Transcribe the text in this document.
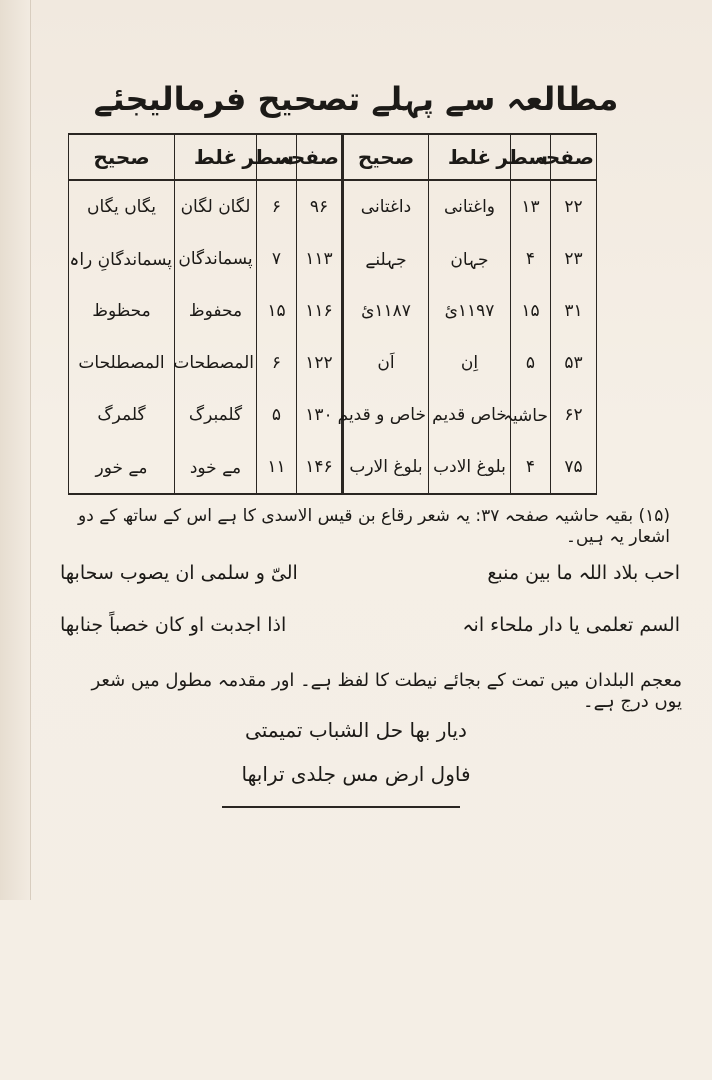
مطالعہ سے پہلے تصحیح فرمالیجئے
صفحہ	سطر	غلط	صحیح	صفحہ	سطر	غلط	صحیح
۲۲	۱۳	واغتانی	داغتانی	۹۶	۶	لگان لگان	یگاں یگاں
۲۳	۴	جہان	جہلنے	۱۱۳	۷	پسماندگان	پسماندگانِ راہ
۳۱	۱۵	۱۱۹۷ئ	۱۱۸۷ئ	۱۱۶	۱۵	محفوظ	محظوظ
۵۳	۵	اِن	اَن	۱۲۲	۶	المصطحات	المصطلحات
۶۲	حاشیہ	خاص قدیم	خاص و قدیم	۱۳۰	۵	گلمبرگ	گلمرگ
۷۵	۴	بلوغ الادب	بلوغ الارب	۱۴۶	۱۱	مے خود	مے خور
(۱۵) بقیہ حاشیہ صفحہ ۳۷: یہ شعر رقاع بن قیس الاسدی کا ہے اس کے ساتھ کے دو اشعار یہ ہیں۔
احب بلاد اللہ ما بین منبع
الیّ و سلمی ان یصوب سحابھا
السم تعلمی یا دار ملحاء انہ
اذا اجدبت او کان خصباً جنابھا
معجم البلدان میں تمت کے بجائے نیطت کا لفظ ہے۔ اور مقدمہ مطول میں شعر یوں درج ہے۔
دیار بھا حل الشباب تمیمتی
فاول ارض مس جلدی ترابھا
